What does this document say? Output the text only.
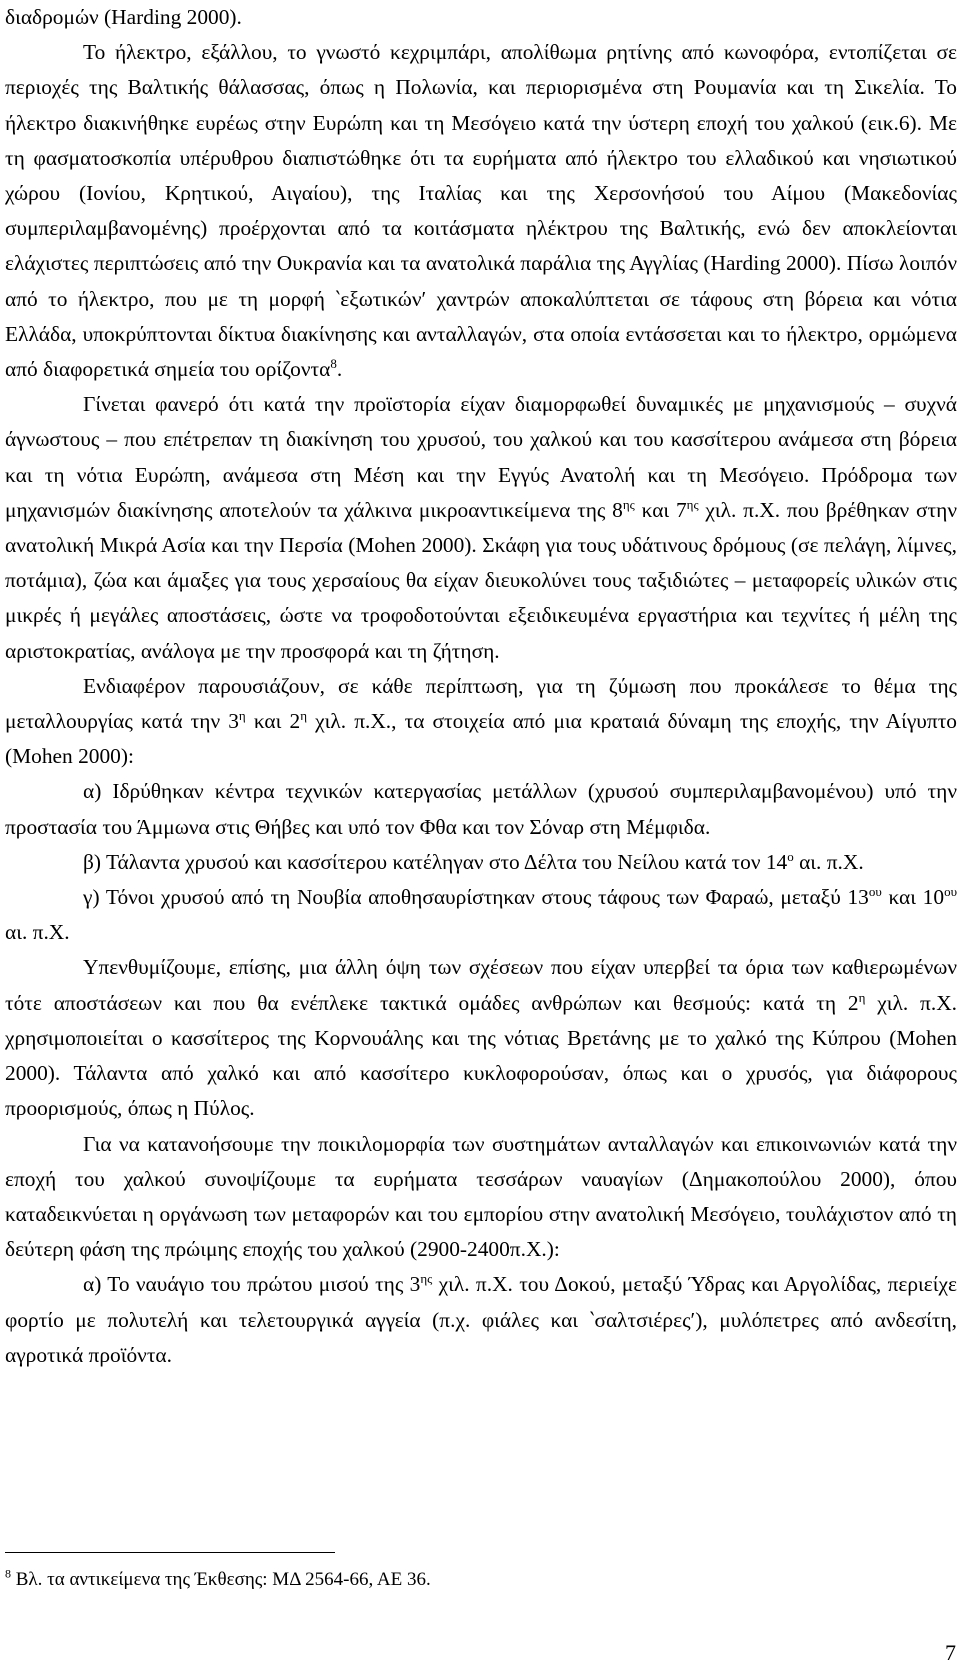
διαδρομών (Harding 2000).

Το ήλεκτρο, εξάλλου, το γνωστό κεχριμπάρι, απολίθωμα ρητίνης από κωνοφόρα, εντοπίζεται σε περιοχές της Βαλτικής θάλασσας, όπως η Πολωνία, και περιορισμένα στη Ρουμανία και τη Σικελία. Το ήλεκτρο διακινήθηκε ευρέως στην Ευρώπη και τη Μεσόγειο κατά την ύστερη εποχή του χαλκού (εικ.6). Με τη φασματοσκοπία υπέρυθρου διαπιστώθηκε ότι τα ευρήματα από ήλεκτρο του ελλαδικού και νησιωτικού χώρου (Ιονίου, Κρητικού, Αιγαίου), της Ιταλίας και της Χερσονήσού του Αίμου (Μακεδονίας συμπεριλαμβανομένης) προέρχονται από τα κοιτάσματα ηλέκτρου της Βαλτικής, ενώ δεν αποκλείονται ελάχιστες περιπτώσεις από την Ουκρανία και τα ανατολικά παράλια της Αγγλίας (Harding 2000). Πίσω λοιπόν από το ήλεκτρο, που με τη μορφή ‵εξωτικών′ χαντρών αποκαλύπτεται σε τάφους στη βόρεια και νότια Ελλάδα, υποκρύπτονται δίκτυα διακίνησης και ανταλλαγών, στα οποία εντάσσεται και το ήλεκτρο, ορμώμενα από διαφορετικά σημεία του ορίζοντα$^8$.

Γίνεται φανερό ότι κατά την προϊστορία είχαν διαμορφωθεί δυναμικές με μηχανισμούς – συχνά άγνωστους – που επέτρεπαν τη διακίνηση του χρυσού, του χαλκού και του κασσίτερου ανάμεσα στη βόρεια και τη νότια Ευρώπη, ανάμεσα στη Μέση και την Εγγύς Ανατολή και τη Μεσόγειο. Πρόδρομα των μηχανισμών διακίνησης αποτελούν τα χάλκινα μικροαντικείμενα της $8^{\eta\varsigma}$ και $7^{\eta\varsigma}$ χιλ. π.Χ. που βρέθηκαν στην ανατολική Μικρά Ασία και την Περσία (Mohen 2000). Σκάφη για τους υδάτινους δρόμους (σε πελάγη, λίμνες, ποτάμια), ζώα και άμαξες για τους χερσαίους θα είχαν διευκολύνει τους ταξιδιώτες – μεταφορείς υλικών στις μικρές ή μεγάλες αποστάσεις, ώστε να τροφοδοτούνται εξειδικευμένα εργαστήρια και τεχνίτες ή μέλη της αριστοκρατίας, ανάλογα με την προσφορά και τη ζήτηση.

Ενδιαφέρον παρουσιάζουν, σε κάθε περίπτωση, για τη ζύμωση που προκάλεσε το θέμα της μεταλλουργίας κατά την $3^\eta$ και $2^\eta$ χιλ. π.Χ., τα στοιχεία από μια κραταιά δύναμη της εποχής, την Αίγυπτο (Mohen 2000):

α) Ιδρύθηκαν κέντρα τεχνικών κατεργασίας μετάλλων (χρυσού συμπεριλαμβανομένου) υπό την προστασία του Άμμωνα στις Θήβες και υπό τον Φθα και τον Σόναρ στη Μέμφιδα.

β) Τάλαντα χρυσού και κασσίτερου κατέληγαν στο Δέλτα του Νείλου κατά τον $14^o$ αι. π.Χ.

γ) Τόνοι χρυσού από τη Νουβία αποθησαυρίστηκαν στους τάφους των Φαραώ, μεταξύ $13^{o\upsilon}$ και $10^{o\upsilon}$ αι. π.Χ.

Υπενθυμίζουμε, επίσης, μια άλλη όψη των σχέσεων που είχαν υπερβεί τα όρια των καθιερωμένων τότε αποστάσεων και που θα ενέπλεκε τακτικά ομάδες ανθρώπων και θεσμούς: κατά τη $2^\eta$ χιλ. π.Χ. χρησιμοποιείται ο κασσίτερος της Κορνουάλης και της νότιας Βρετάνης με το χαλκό της Κύπρου (Mohen 2000). Τάλαντα από χαλκό και από κασσίτερο κυκλοφορούσαν, όπως και ο χρυσός, για διάφορους προορισμούς, όπως η Πύλος.

Για να κατανοήσουμε την ποικιλομορφία των συστημάτων ανταλλαγών και επικοινωνιών κατά την εποχή του χαλκού συνοψίζουμε τα ευρήματα τεσσάρων ναυαγίων (Δημακοπούλου 2000), όπου καταδεικνύεται η οργάνωση των μεταφορών και του εμπορίου στην ανατολική Μεσόγειο, τουλάχιστον από τη δεύτερη φάση της πρώιμης εποχής του χαλκού (2900-2400π.Χ.):

α) Το ναυάγιο του πρώτου μισού της $3^{\eta\varsigma}$ χιλ. π.Χ. του Δοκού, μεταξύ Ύδρας και Αργολίδας, περιείχε φορτίο με πολυτελή και τελετουργικά αγγεία (π.χ. φιάλες και ‵σαλτσιέρες′), μυλόπετρες από ανδεσίτη, αγροτικά προϊόντα.

$^8$ Βλ. τα αντικείμενα της Έκθεσης: ΜΔ 2564-66, ΑΕ 36.
7
